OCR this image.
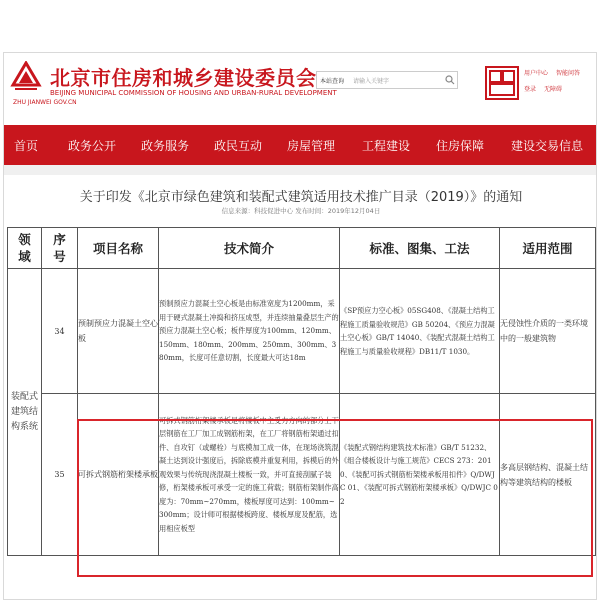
ZHU JIANWEI GOV.CN
北京市住房和城乡建设委员会
BEIJING MUNICIPAL COMMISSION OF HOUSING AND URBAN-RURAL DEVELOPMENT
本站查询 请输入关键字
用户中心 智能问答
登录 无障碍
首页 政务公开 政务服务 政民互动 房屋管理 工程建设 住房保障 建设交易信息
关于印发《北京市绿色建筑和装配式建筑适用技术推广目录（2019）》的通知
信息来源：科技促进中心 发布时间：2019年12月04日
领域	序号	项目名称	技术简介	标准、图集、工法	适用范围
装配式建筑结构系统	34	预制预应力混凝土空心板	预制预应力混凝土空心板是由标准宽度为1200mm，采用于硬式混凝土冲捣和挤压成型，并连续抽量叠层生产的预应力混凝土空心板；板件厚度为100mm、120mm、150mm、180mm、200mm、250mm、300mm、380mm，长度可任意切割，长度最大可达18m	《SP预应力空心板》05SG408、《混凝土结构工程施工质量验收规范》GB 50204、《预应力混凝土空心板》GB/T 14040、《装配式混凝土结构工程施工与质量验收规程》DB11/T 1030。	无侵蚀性介质的一类环境中的一般建筑物
	35	可拆式钢筋桁架楼承板	可拆式钢筋桁架楼承板是将楼板中主受力方向的部分上下层钢筋在工厂加工成钢筋桁架，在工厂将钢筋桁架通过扣件、自攻钉（或螺栓）与底模加工成一体，在现场浇筑混凝土达到设计强度后，拆除底模并重复利用，拆模后的外观效果与传统现浇混凝土楼板一致，并可直接刮腻子装修，桁架楼承板可承受一定的施工荷载；钢筋桁架制作高度为：70mm~270mm，楼板厚度可达到：100mm~300mm；设计师可根据楼板跨度、楼板厚度及配筋，选用相应板型	《装配式钢结构建筑技术标准》GB/T 51232、《组合楼板设计与施工规范》CECS 273：2010、《装配可拆式钢筋桁架楼承板用扣件》Q/DWJC 01、《装配可拆式钢筋桁架楼承板》Q/DWJC 02	多高层钢结构、混凝土结构等建筑结构的楼板
